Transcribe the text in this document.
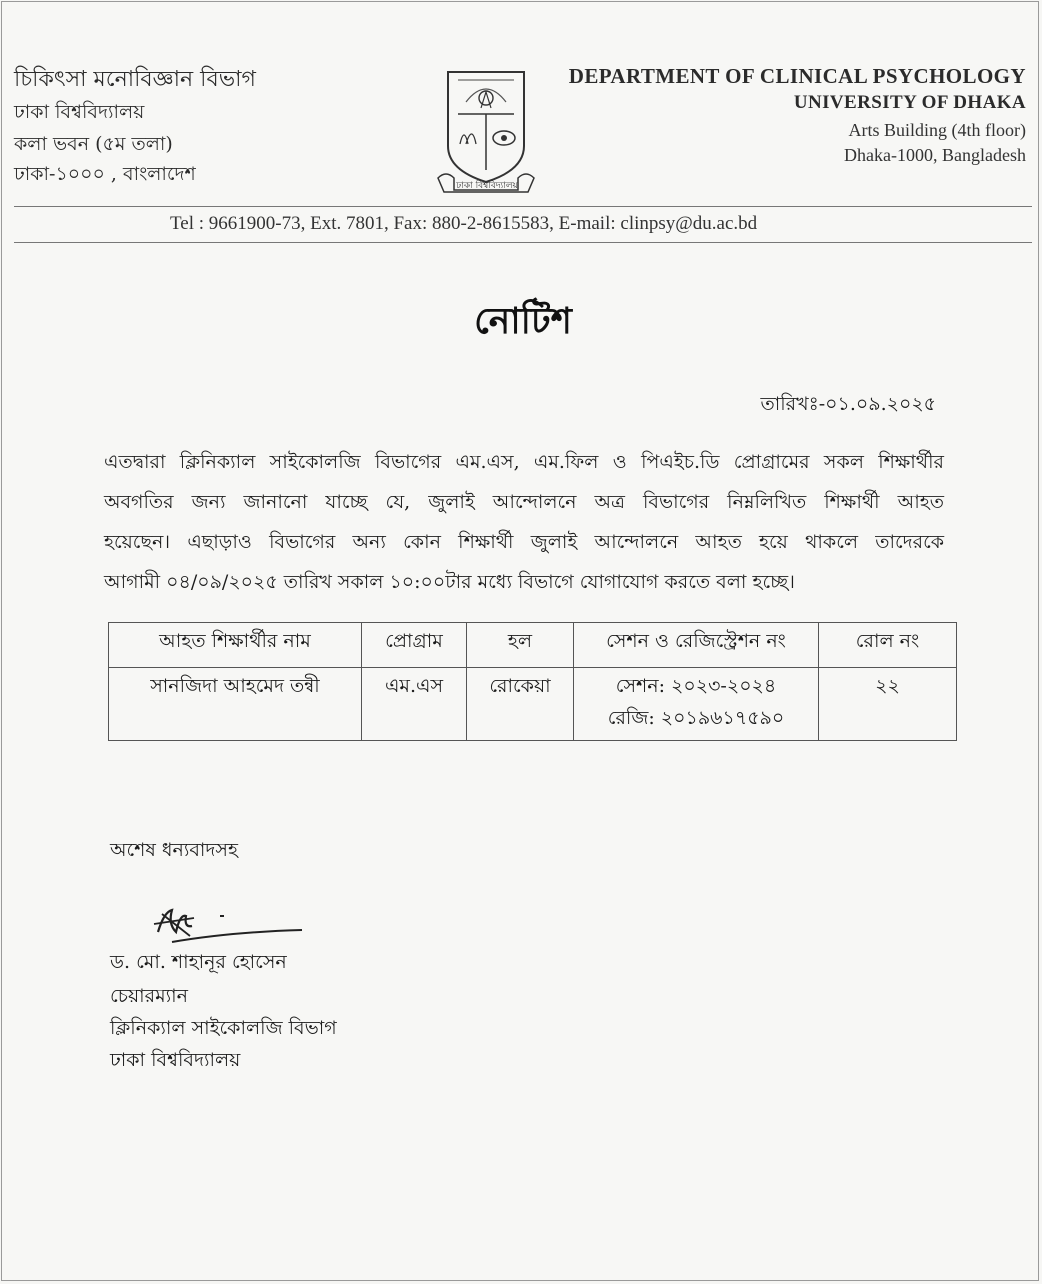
চিকিৎসা মনোবিজ্ঞান বিভাগ
ঢাকা বিশ্ববিদ্যালয়
কলা ভবন (৫ম তলা)
ঢাকা-১০০০ , বাংলাদেশ
ঢাকা বিশ্ববিদ্যালয়
DEPARTMENT OF CLINICAL PSYCHOLOGY
UNIVERSITY OF DHAKA
Arts Building (4th floor)
Dhaka-1000, Bangladesh
Tel : 9661900-73, Ext. 7801, Fax: 880-2-8615583, E-mail: clinpsy@du.ac.bd
নোটিশ
তারিখঃ-০১.০৯.২০২৫
এতদ্বারা ক্লিনিক্যাল সাইকোলজি বিভাগের এম.এস, এম.ফিল ও পিএইচ.ডি প্রোগ্রামের সকল শিক্ষার্থীর
অবগতির জন্য জানানো যাচ্ছে যে, জুলাই আন্দোলনে অত্র বিভাগের নিম্নলিখিত শিক্ষার্থী আহত
হয়েছেন। এছাড়াও বিভাগের অন্য কোন শিক্ষার্থী জুলাই আন্দোলনে আহত হয়ে থাকলে তাদেরকে
আগামী ০৪/০৯/২০২৫ তারিখ সকাল ১০:০০টার মধ্যে বিভাগে যোগাযোগ করতে বলা হচ্ছে।
আহত শিক্ষার্থীর নাম	প্রোগ্রাম	হল	সেশন ও রেজিস্ট্রেশন নং	রোল নং
সানজিদা আহমেদ তন্বী	এম.এস	রোকেয়া	সেশন: ২০২৩-২০২৪
রেজি: ২০১৯৬১৭৫৯০	২২
অশেষ ধন্যবাদসহ
ড. মো. শাহানূর হোসেন
চেয়ারম্যান
ক্লিনিক্যাল সাইকোলজি বিভাগ
ঢাকা বিশ্ববিদ্যালয়
